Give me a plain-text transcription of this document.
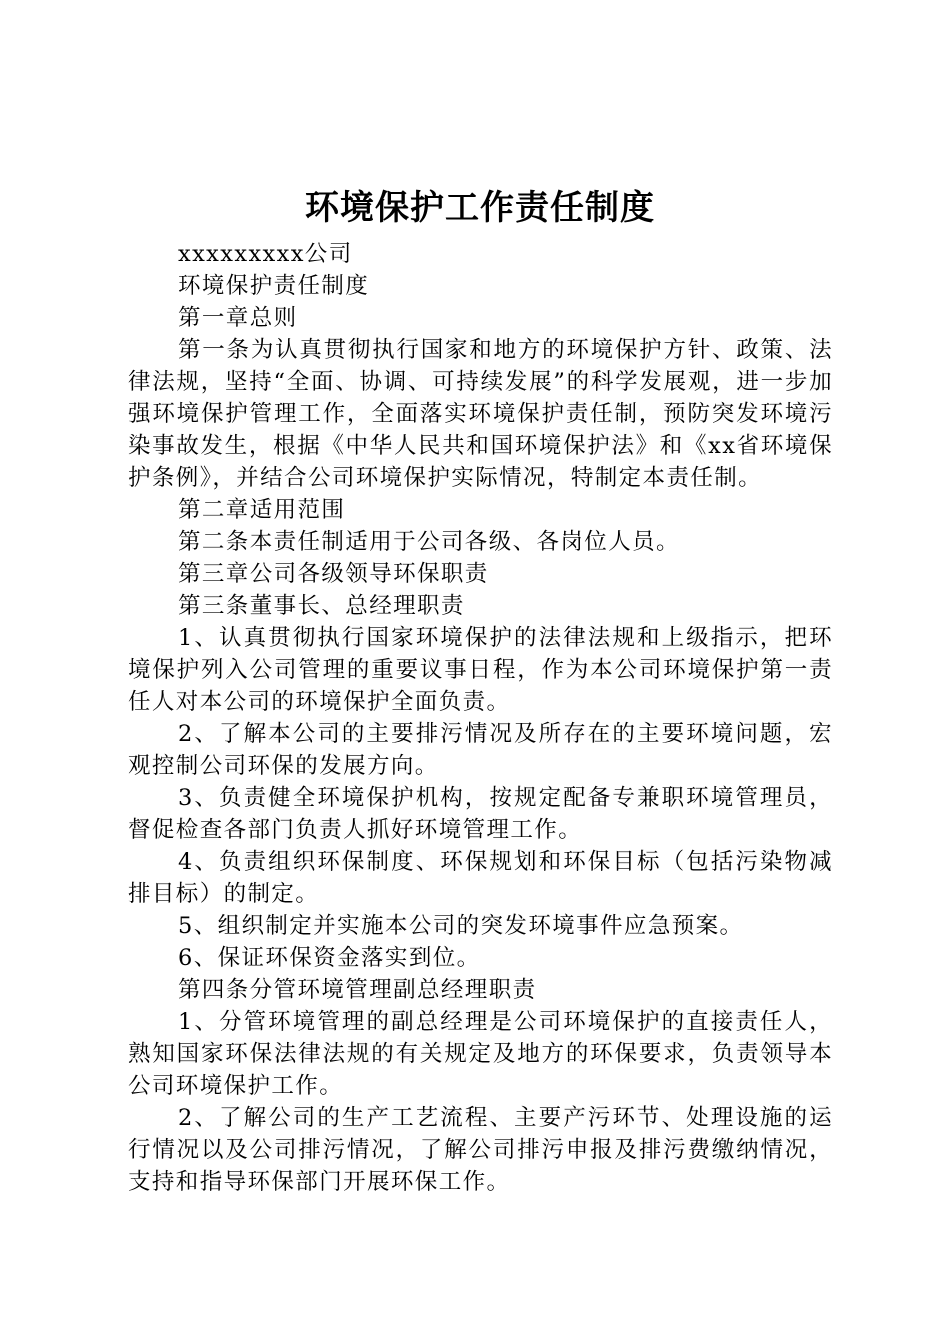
环境保护工作责任制度

xxxxxxxxx公司

环境保护责任制度

第一章总则

第一条为认真贯彻执行国家和地方的环境保护方针、政策、法律法规，坚持“全面、协调、可持续发展”的科学发展观，进一步加强环境保护管理工作，全面落实环境保护责任制，预防突发环境污染事故发生，根据《中华人民共和国环境保护法》和《xx省环境保护条例》，并结合公司环境保护实际情况，特制定本责任制。

第二章适用范围

第二条本责任制适用于公司各级、各岗位人员。

第三章公司各级领导环保职责

第三条董事长、总经理职责

1、认真贯彻执行国家环境保护的法律法规和上级指示，把环境保护列入公司管理的重要议事日程，作为本公司环境保护第一责任人对本公司的环境保护全面负责。

2、了解本公司的主要排污情况及所存在的主要环境问题，宏观控制公司环保的发展方向。

3、负责健全环境保护机构，按规定配备专兼职环境管理员，督促检查各部门负责人抓好环境管理工作。

4、负责组织环保制度、环保规划和环保目标（包括污染物减排目标）的制定。

5、组织制定并实施本公司的突发环境事件应急预案。

6、保证环保资金落实到位。

第四条分管环境管理副总经理职责

1、分管环境管理的副总经理是公司环境保护的直接责任人，熟知国家环保法律法规的有关规定及地方的环保要求，负责领导本公司环境保护工作。

2、了解公司的生产工艺流程、主要产污环节、处理设施的运行情况以及公司排污情况，了解公司排污申报及排污费缴纳情况，支持和指导环保部门开展环保工作。
